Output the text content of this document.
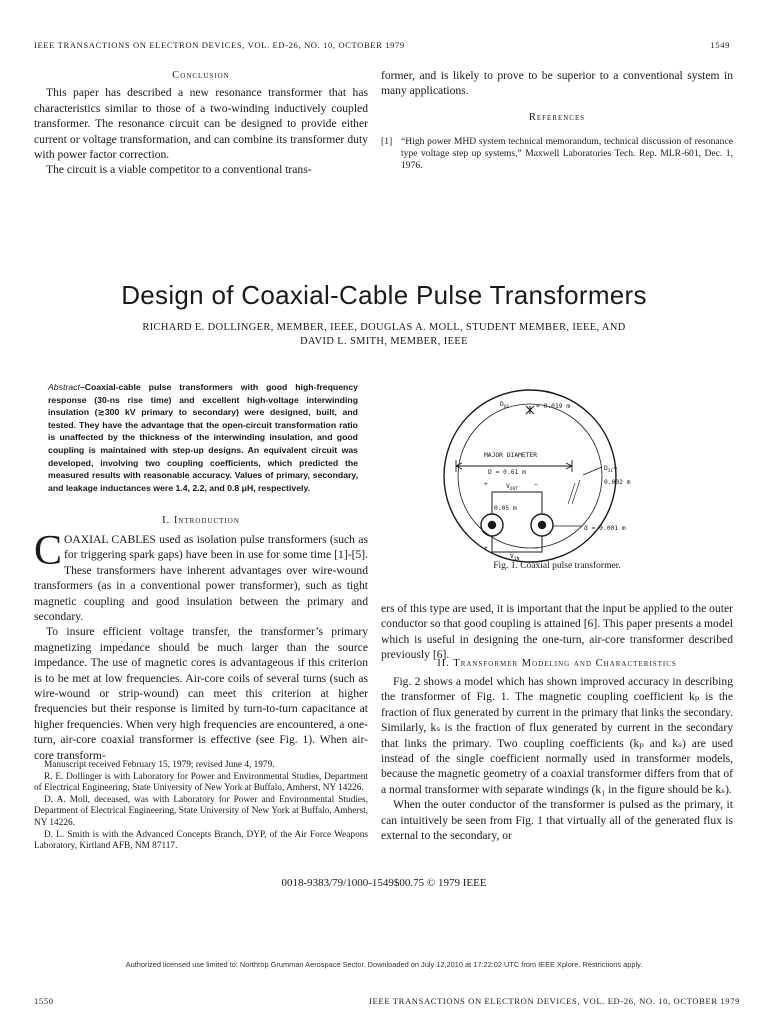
IEEE TRANSACTIONS ON ELECTRON DEVICES, VOL. ED-26, NO. 10, OCTOBER 1979	1549
Conclusion

This paper has described a new resonance transformer that has characteristics similar to those of a two-winding inductively coupled transformer. The resonance circuit can be designed to provide either current or voltage transformation, and can combine its transformer duty with power factor correction.

The circuit is a viable competitor to a conventional trans-

former, and is likely to prove to be superior to a conventional system in many applications.

References
[1] “High power MHD system technical memorandum, technical discussion of resonance type voltage step up systems,” Maxwell Laboratories Tech. Rep. MLR-601, Dec. 1, 1976.
Design of Coaxial-Cable Pulse Transformers
RICHARD E. DOLLINGER, MEMBER, IEEE, DOUGLAS A. MOLL, STUDENT MEMBER, IEEE, AND
DAVID L. SMITH, MEMBER, IEEE
Abstract–Coaxial-cable pulse transformers with good high-frequency response (30-ns rise time) and excellent high-voltage interwinding insulation (≳300 kV primary to secondary) were designed, built, and tested. They have the advantage that the open-circuit transformation ratio is unaffected by the thickness of the interwinding insulation, and good coupling is maintained with step-up designs. An equivalent circuit was developed, involving two coupling coefficients, which predicted the measured results with reasonable accuracy. Values of primary, secondary, and leakage inductances were 1.4, 2.2, and 0.8 μH, respectively.
I. Introduction

COAXIAL CABLES used as isolation pulse transformers (such as for triggering spark gaps) have been in use for some time [1]-[5]. These transformers have inherent advantages over wire-wound transformers (as in a conventional power transformer), such as tight magnetic coupling and good insulation between the primary and secondary.

To insure efficient voltage transfer, the transformer’s primary magnetizing impedance should be much larger than the source impedance. The use of magnetic cores is advantageous if this criterion is to be met at low frequencies. Air-core coils of several turns (such as wire-wound or strip-wound) can meet this criterion at higher frequencies but their response is limited by turn-to-turn capacitance at higher frequencies. When very high frequencies are encountered, a one-turn, air-core coaxial transformer is effective (see Fig. 1). When air-core transform-

Manuscript received February 15, 1979; revised June 4, 1979.

R. E. Dollinger is with Laboratory for Power and Environmental Studies, Department of Electrical Engineering, State University of New York at Buffalo, Amherst, NY 14226.

D. A. Moll, deceased, was with Laboratory for Power and Environmental Studies, Department of Electrical Engineering, State University of New York at Buffalo, Amherst, NY 14226.

D. L. Smith is with the Advanced Concepts Branch, DYP, of the Air Force Weapons Laboratory, Kirtland AFB, NM 87117.

$D_{OC}$	= 0.019 m
MAJOR DIAMETER
D = 0.61 m
+	$V_{OUT}$
–
$D_{IC}=$
0.002 m
0.05 m
d = 0.001 m
+
$V_{IN}$
–
Fig. 1. Coaxial pulse transformer.

ers of this type are used, it is important that the input be applied to the outer conductor so that good coupling is attained [6]. This paper presents a model which is useful in designing the one-turn, air-core transformer described previously [6].

II. Transformer Modeling and Characteristics

Fig. 2 shows a model which has shown improved accuracy in describing the transformer of Fig. 1. The magnetic coupling coefficient kₚ is the fraction of flux generated by current in the primary that links the secondary. Similarly, kₛ is the fraction of flux generated by current in the secondary that links the primary. Two coupling coefficients (kₚ and kₛ) are used instead of the single coefficient normally used in transformer models, because the magnetic geometry of a coaxial transformer differs from that of a normal transformer with separate windings (k₁ in the figure should be kₛ).

When the outer conductor of the transformer is pulsed as the primary, it can intuitively be seen from Fig. 1 that virtually all of the generated flux is external to the secondary, or

0018-9383/79/1000-1549$00.75 © 1979 IEEE
Authorized licensed use limited to: Northrop Grumman Aerospace Sector. Downloaded on July 12,2010 at 17:22:02 UTC from IEEE Xplore. Restrictions apply.
1550	IEEE TRANSACTIONS ON ELECTRON DEVICES, VOL. ED-26, NO. 10, OCTOBER 1979
